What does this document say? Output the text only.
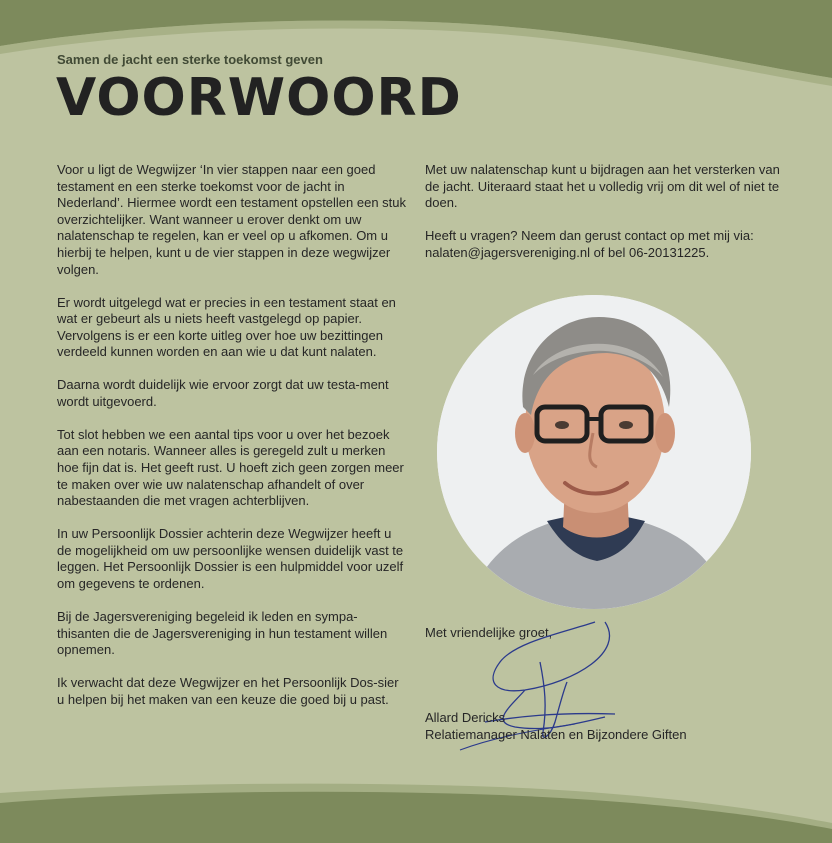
Samen de jacht een sterke toekomst geven
VOORWOORD

Voor u ligt de Wegwijzer ‘In vier stappen naar een goed testament en een sterke toekomst voor de jacht in Nederland’. Hiermee wordt een testament opstellen een stuk overzichtelijker. Want wanneer u erover denkt om uw nalatenschap te regelen, kan er veel op u afkomen. Om u hierbij te helpen, kunt u de vier stappen in deze wegwijzer volgen.

Er wordt uitgelegd wat er precies in een testament staat en wat er gebeurt als u niets heeft vastgelegd op papier. Vervolgens is er een korte uitleg over hoe uw bezittingen verdeeld kunnen worden en aan wie u dat kunt nalaten.

Daarna wordt duidelijk wie ervoor zorgt dat uw testa-ment wordt uitgevoerd.

Tot slot hebben we een aantal tips voor u over het bezoek aan een notaris. Wanneer alles is geregeld zult u merken hoe fijn dat is. Het geeft rust. U hoeft zich geen zorgen meer te maken over wie uw nalatenschap afhandelt of over nabestaanden die met vragen achterblijven.

In uw Persoonlijk Dossier achterin deze Wegwijzer heeft u de mogelijkheid om uw persoonlijke wensen duidelijk vast te leggen. Het Persoonlijk Dossier is een hulpmiddel voor uzelf om gegevens te ordenen.

Bij de Jagersvereniging begeleid ik leden en sympa-thisanten die de Jagersvereniging in hun testament willen opnemen.

Ik verwacht dat deze Wegwijzer en het Persoonlijk Dos-sier u helpen bij het maken van een keuze die goed bij u past.

Met uw nalatenschap kunt u bijdragen aan het versterken van de jacht. Uiteraard staat het u volledig vrij om dit wel of niet te doen.

Heeft u vragen? Neem dan gerust contact op met mij via: nalaten@jagersvereniging.nl of bel 06-20131225.

Met vriendelijke groet,
Allard Dericks
Relatiemanager Nalaten en Bijzondere Giften
